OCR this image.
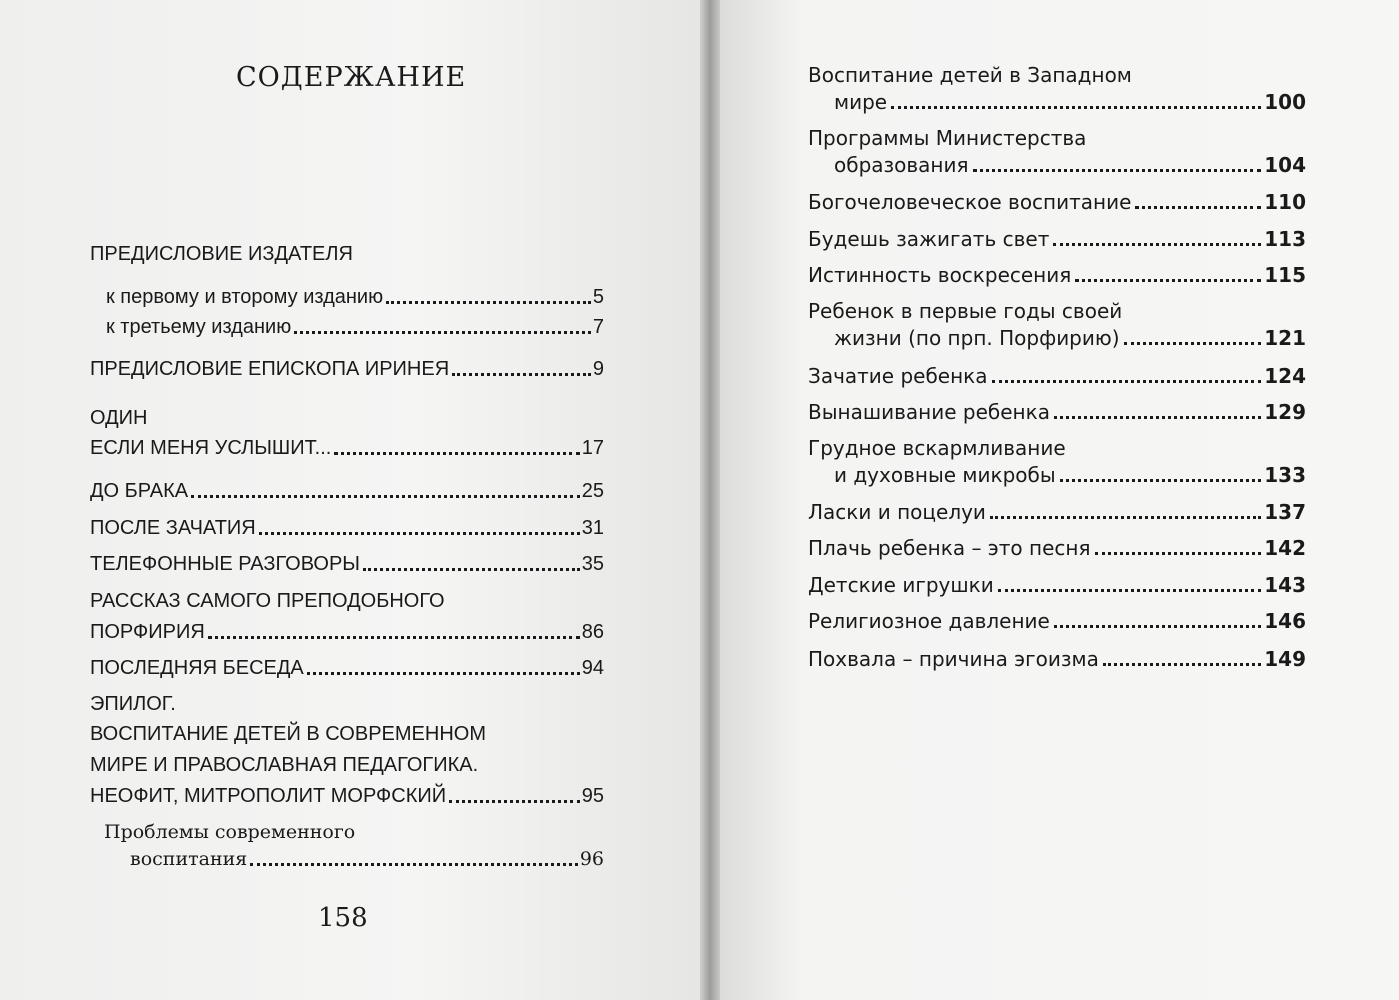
СОДЕРЖАНИЕ
ПРЕДИСЛОВИЕ ИЗДАТЕЛЯ
к первому и второму изданию	5
к третьему изданию	7
ПРЕДИСЛОВИЕ ЕПИСКОПА ИРИНЕЯ	9
ОДИН
ЕСЛИ МЕНЯ УСЛЫШИТ...	17
ДО БРАКА	25
ПОСЛЕ ЗАЧАТИЯ	31
ТЕЛЕФОННЫЕ РАЗГОВОРЫ	35
РАССКАЗ САМОГО ПРЕПОДОБНОГО
ПОРФИРИЯ	86
ПОСЛЕДНЯЯ БЕСЕДА	94
ЭПИЛОГ.
ВОСПИТАНИЕ ДЕТЕЙ В СОВРЕМЕННОМ
МИРЕ И ПРАВОСЛАВНАЯ ПЕДАГОГИКА.
НЕОФИТ, МИТРОПОЛИТ МОРФСКИЙ	95
Проблемы современного
воспитания	96
158
Воспитание детей в Западном
мире	100
Программы Министерства
образования	104
Богочеловеческое воспитание	110
Будешь зажигать свет	113
Истинность воскресения	115
Ребенок в первые годы своей
жизни (по прп. Порфирию)	121
Зачатие ребенка	124
Вынашивание ребенка	129
Грудное вскармливание
и духовные микробы	133
Ласки и поцелуи	137
Плачь ребенка – это песня	142
Детские игрушки	143
Религиозное давление	146
Похвала – причина эгоизма	149
